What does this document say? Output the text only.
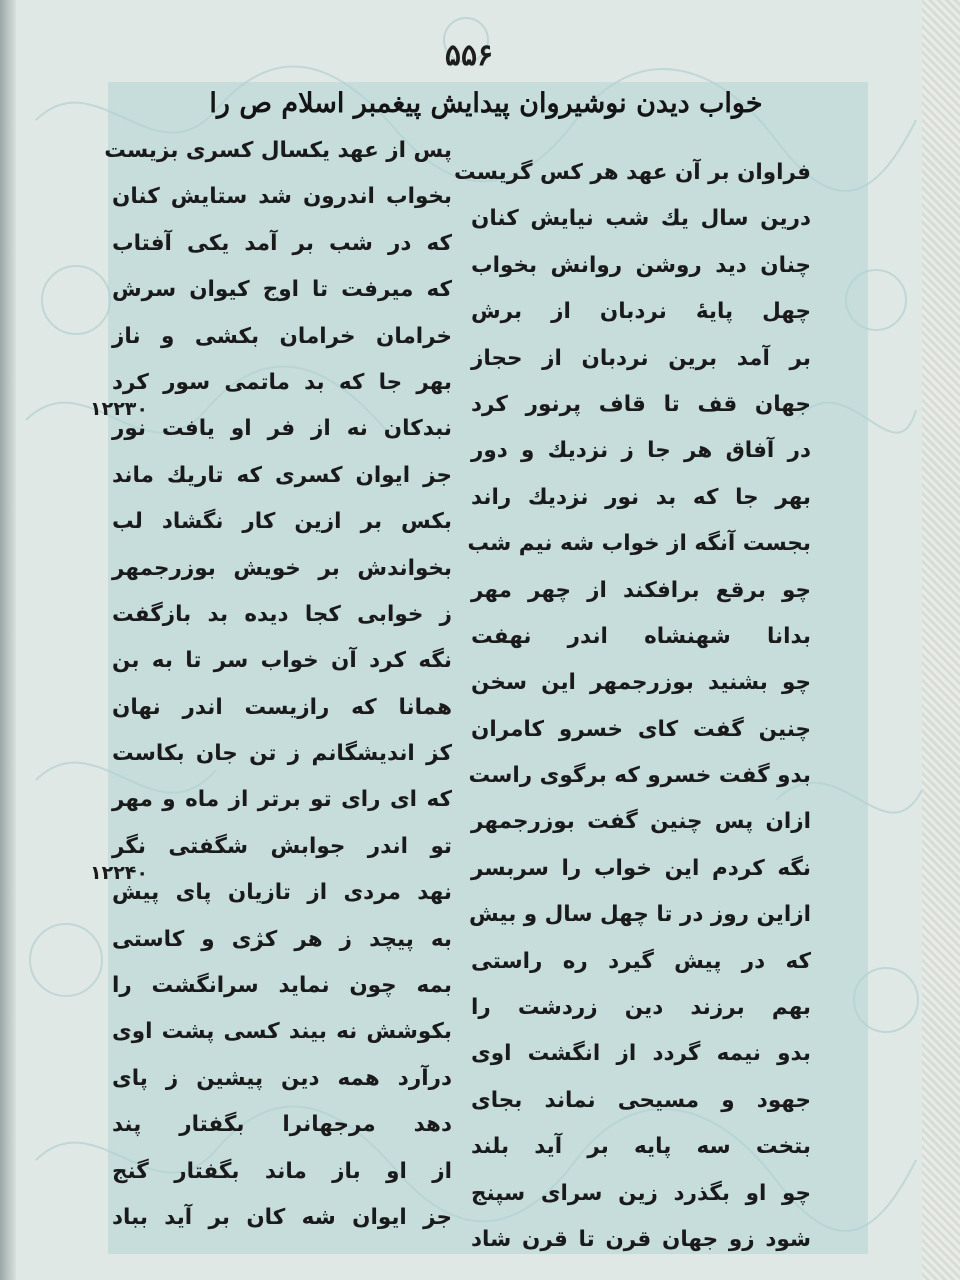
۵۵۶
خواب دیدن نوشیروان پیدایش پیغمبر اسلام ص را
فراوان بر آن عهد هر کس گریست
درین سال یك شب نیایش کنان
چنان دید روشن روانش بخواب
چهل پایهٔ نردبان از برش
بر آمد برین نردبان از حجاز
جهان قف تا قاف پرنور کرد
در آفاق هر جا ز نزدیك و دور
بهر جا که بد نور نزدیك راند
بجست آنگه از خواب شه نیم شب
چو برقع برافکند از چهر مهر
بدانا شهنشاه اندر نهفت
چو بشنید بوزرجمهر این سخن
چنین گفت کای خسرو کامران
بدو گفت خسرو که برگوی راست
ازان پس چنین گفت بوزرجمهر
نگه کردم این خواب را سربسر
ازاین روز در تا چهل سال و بیش
که در پیش گیرد ره راستی
بهم برزند دین زردشت را
بدو نیمه گردد از انگشت اوی
جهود و مسیحی نماند بجای
بتخت سه پایه بر آید بلند
چو او بگذرد زین سرای سپنج
شود زو جهان قرن تا قرن شاد
پس از عهد یکسال کسری بزیست
بخواب اندرون شد ستایش کنان
که در شب بر آمد یکی آفتاب
که میرفت تا اوج کیوان سرش
خرامان خرامان بکشی و ناز
بهر جا که بد ماتمی سور کرد
نبدکان نه از فر او یافت نور
جز ایوان کسری که تاریك ماند
بکس بر ازین کار نگشاد لب
بخواندش بر خویش بوزرجمهر
ز خوابی کجا دیده بد بازگفت
نگه کرد آن خواب سر تا به بن
همانا که رازیست اندر نهان
کز اندیشگانم ز تن جان بکاست
که ای رای تو برتر از ماه و مهر
تو اندر جوابش شگفتی نگر
نهد مردی از تازیان پای پیش
به پیچد ز هر کژی و کاستی
بمه چون نماید سرانگشت را
بکوشش نه بیند کسی پشت اوی
درآرد همه دین پیشین ز پای
دهد مرجهانرا بگفتار پند
از او باز ماند بگفتار گنج
جز ایوان شه کان بر آید بباد
۱۲۲۳۰
۱۲۲۴۰
